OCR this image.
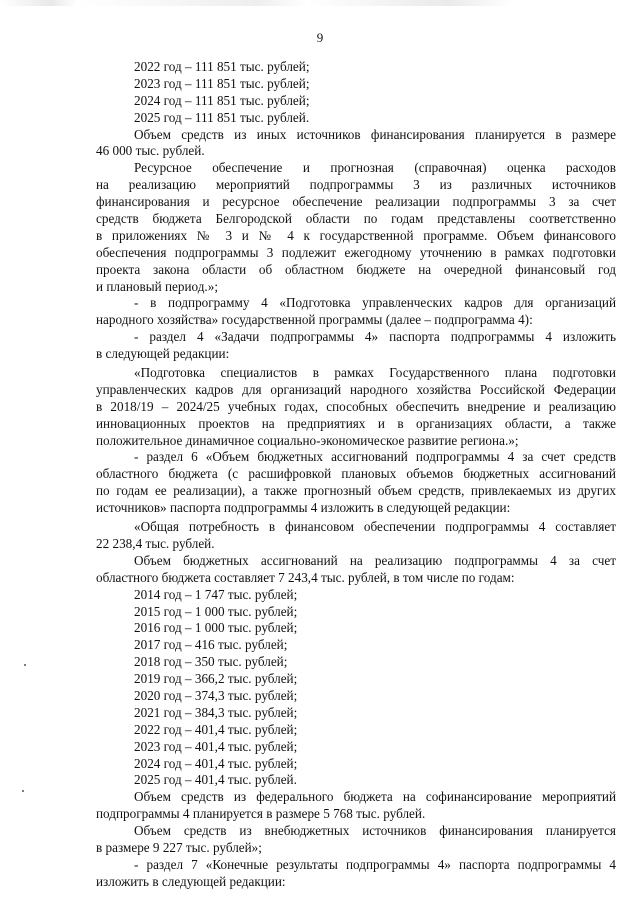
9
2022 год – 111 851 тыс. рублей;
2023 год – 111 851 тыс. рублей;
2024 год – 111 851 тыс. рублей;
2025 год – 111 851 тыс. рублей.
Объем средств из иных источников финансирования планируется в размере
46 000 тыс. рублей.
Ресурсное обеспечение и прогнозная (справочная) оценка расходов
на реализацию мероприятий подпрограммы 3 из различных источников
финансирования и ресурсное обеспечение реализации подпрограммы 3 за счет
средств бюджета Белгородской области по годам представлены соответственно
в приложениях № 3 и № 4 к государственной программе. Объем финансового
обеспечения подпрограммы 3 подлежит ежегодному уточнению в рамках подготовки
проекта закона области об областном бюджете на очередной финансовый год
и плановый период.»;
- в подпрограмму 4 «Подготовка управленческих кадров для организаций
народного хозяйства» государственной программы (далее – подпрограмма 4):
- раздел 4 «Задачи подпрограммы 4» паспорта подпрограммы 4 изложить
в следующей редакции:
«Подготовка специалистов в рамках Государственного плана подготовки
управленческих кадров для организаций народного хозяйства Российской Федерации
в 2018/19 – 2024/25 учебных годах, способных обеспечить внедрение и реализацию
инновационных проектов на предприятиях и в организациях области, а также
положительное динамичное социально-экономическое развитие региона.»;
- раздел 6 «Объем бюджетных ассигнований подпрограммы 4 за счет средств
областного бюджета (с расшифровкой плановых объемов бюджетных ассигнований
по годам ее реализации), а также прогнозный объем средств, привлекаемых из других
источников» паспорта подпрограммы 4 изложить в следующей редакции:
«Общая потребность в финансовом обеспечении подпрограммы 4 составляет
22 238,4 тыс. рублей.
Объем бюджетных ассигнований на реализацию подпрограммы 4 за счет
областного бюджета составляет 7 243,4 тыс. рублей, в том числе по годам:
2014 год – 1 747 тыс. рублей;
2015 год – 1 000 тыс. рублей;
2016 год – 1 000 тыс. рублей;
2017 год – 416 тыс. рублей;
2018 год – 350 тыс. рублей;
2019 год – 366,2 тыс. рублей;
2020 год – 374,3 тыс. рублей;
2021 год – 384,3 тыс. рублей;
2022 год – 401,4 тыс. рублей;
2023 год – 401,4 тыс. рублей;
2024 год – 401,4 тыс. рублей;
2025 год – 401,4 тыс. рублей.
Объем средств из федерального бюджета на софинансирование мероприятий
подпрограммы 4 планируется в размере 5 768 тыс. рублей.
Объем средств из внебюджетных источников финансирования планируется
в размере 9 227 тыс. рублей»;
- раздел 7 «Конечные результаты подпрограммы 4» паспорта подпрограммы 4
изложить в следующей редакции:
